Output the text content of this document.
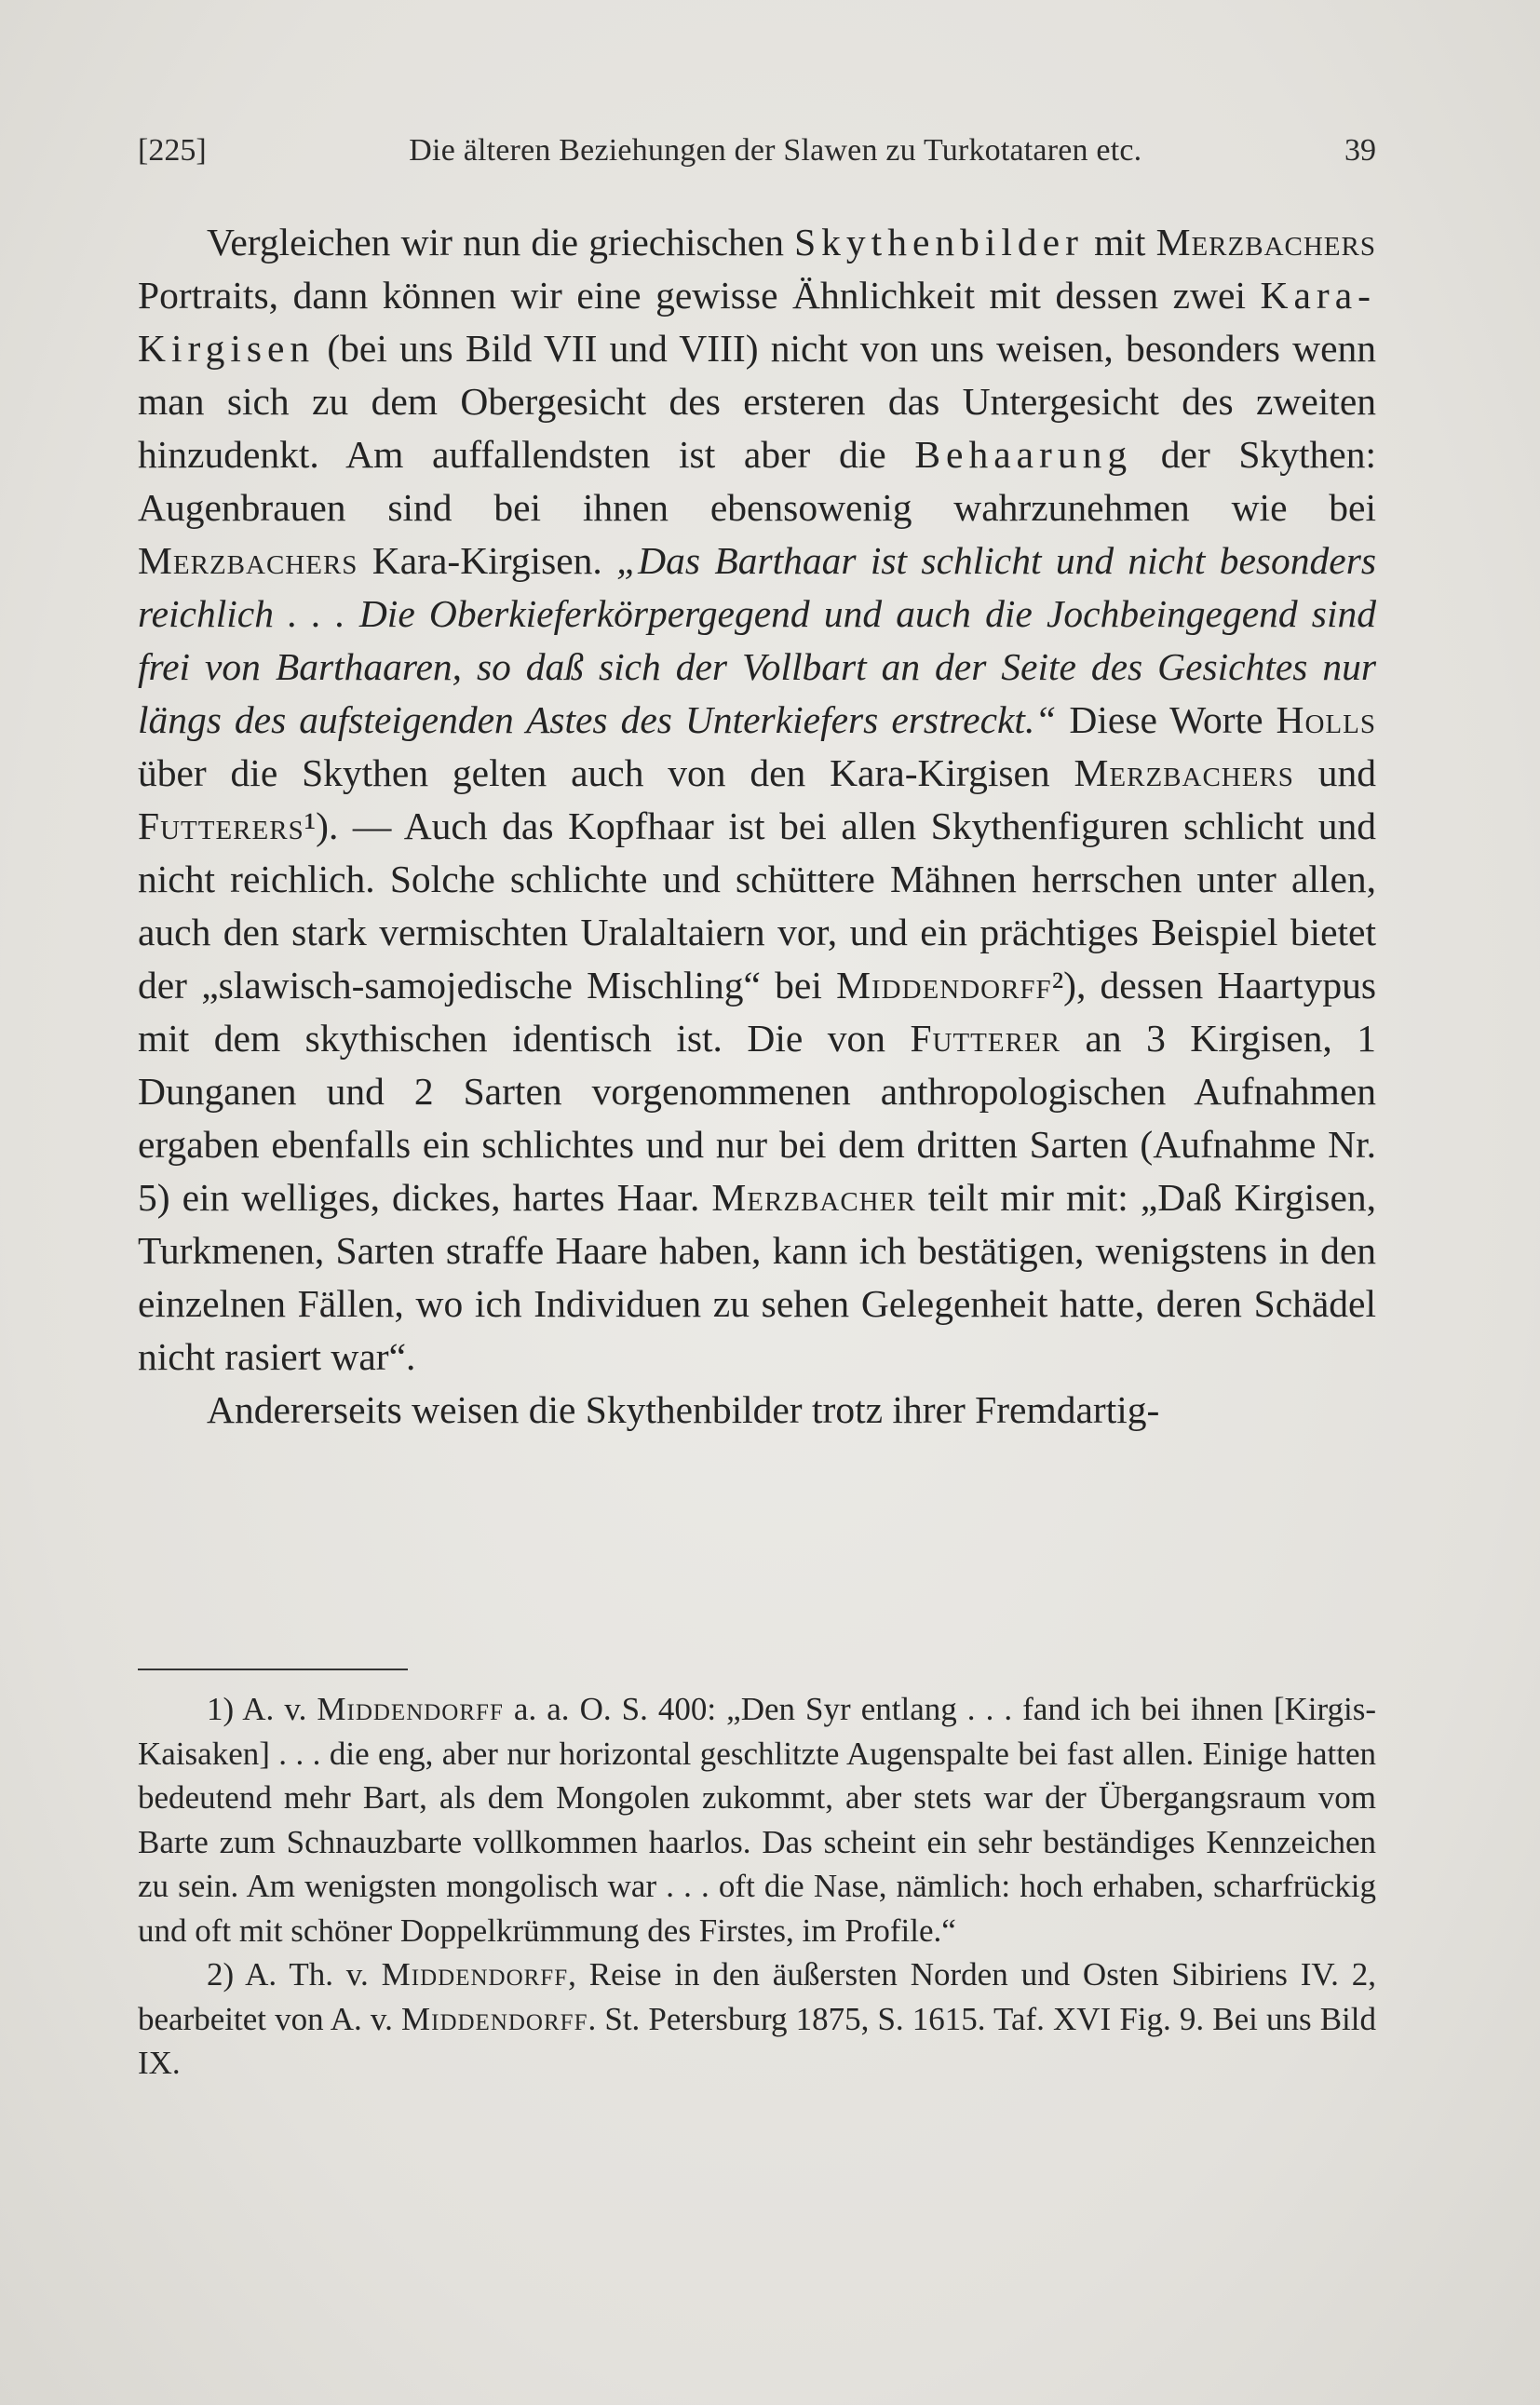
[225]	Die älteren Beziehungen der Slawen zu Turkotataren etc.	39

Vergleichen wir nun die griechischen Skythenbilder mit Merzbachers Portraits, dann können wir eine gewisse Ähnlichkeit mit dessen zwei Kara-Kirgisen (bei uns Bild VII und VIII) nicht von uns weisen, besonders wenn man sich zu dem Obergesicht des ersteren das Untergesicht des zweiten hinzudenkt. Am auffallendsten ist aber die Behaarung der Skythen: Augenbrauen sind bei ihnen ebensowenig wahrzunehmen wie bei Merzbachers Kara-Kirgisen. „Das Barthaar ist schlicht und nicht besonders reichlich . . . Die Oberkieferkörpergegend und auch die Jochbeingegend sind frei von Barthaaren, so daß sich der Vollbart an der Seite des Gesichtes nur längs des aufsteigenden Astes des Unterkiefers erstreckt.“ Diese Worte Holls über die Skythen gelten auch von den Kara-Kirgisen Merzbachers und Futterers¹). — Auch das Kopfhaar ist bei allen Skythenfiguren schlicht und nicht reichlich. Solche schlichte und schüttere Mähnen herrschen unter allen, auch den stark vermischten Uralaltaiern vor, und ein prächtiges Beispiel bietet der „slawisch-samojedische Mischling“ bei Middendorff²), dessen Haartypus mit dem skythischen identisch ist. Die von Futterer an 3 Kirgisen, 1 Dunganen und 2 Sarten vorgenommenen anthropologischen Aufnahmen ergaben ebenfalls ein schlichtes und nur bei dem dritten Sarten (Aufnahme Nr. 5) ein welliges, dickes, hartes Haar. Merzbacher teilt mir mit: „Daß Kirgisen, Turkmenen, Sarten straffe Haare haben, kann ich bestätigen, wenigstens in den einzelnen Fällen, wo ich Individuen zu sehen Gelegenheit hatte, deren Schädel nicht rasiert war“.

Andererseits weisen die Skythenbilder trotz ihrer Fremdartig-

1) A. v. Middendorff a. a. O. S. 400: „Den Syr entlang . . . fand ich bei ihnen [Kirgis-Kaisaken] . . . die eng, aber nur horizontal geschlitzte Augenspalte bei fast allen. Einige hatten bedeutend mehr Bart, als dem Mongolen zukommt, aber stets war der Übergangsraum vom Barte zum Schnauzbarte vollkommen haarlos. Das scheint ein sehr beständiges Kennzeichen zu sein. Am wenigsten mongolisch war . . . oft die Nase, nämlich: hoch erhaben, scharfrückig und oft mit schöner Doppelkrümmung des Firstes, im Profile.“

2) A. Th. v. Middendorff, Reise in den äußersten Norden und Osten Sibiriens IV. 2, bearbeitet von A. v. Middendorff. St. Petersburg 1875, S. 1615. Taf. XVI Fig. 9. Bei uns Bild IX.
